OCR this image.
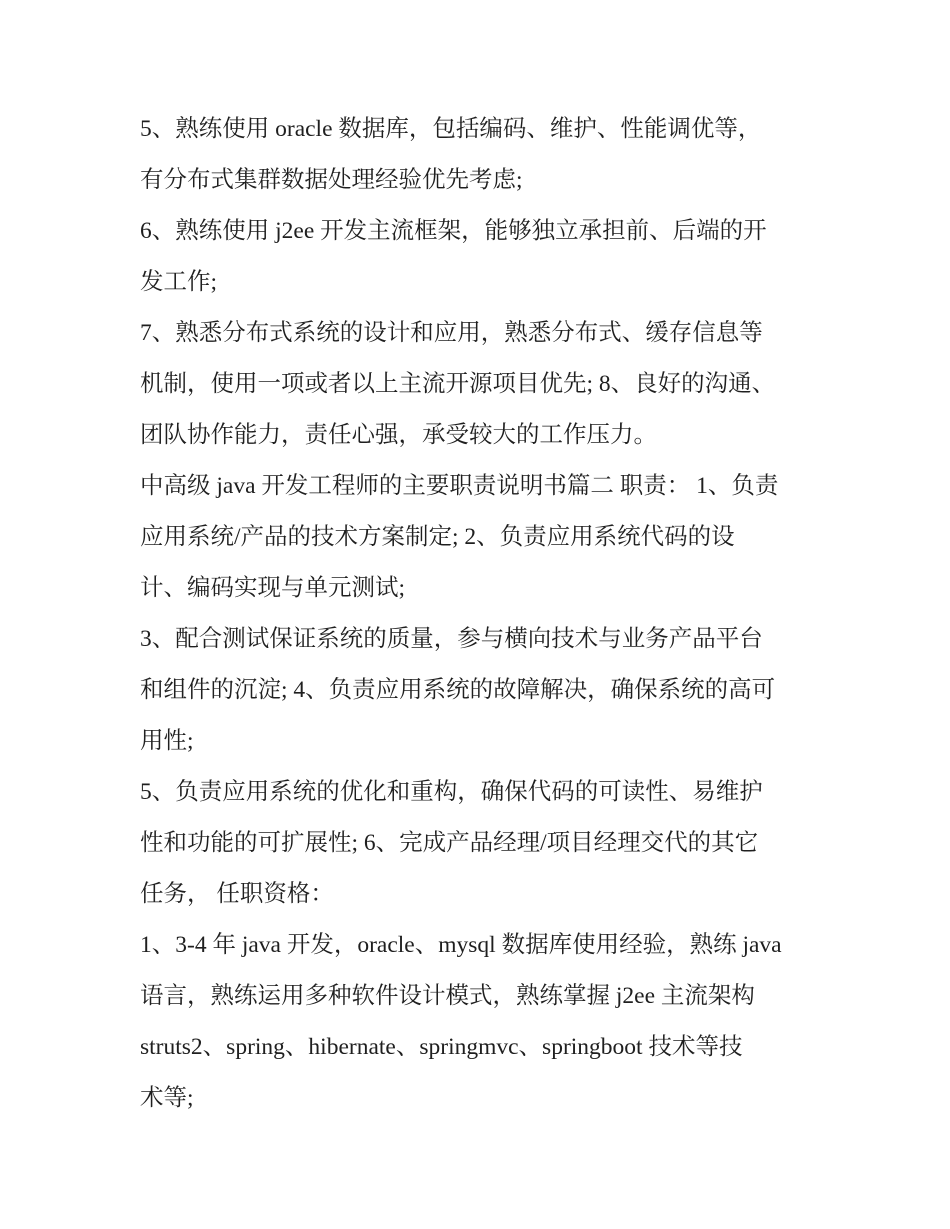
5、熟练使用 oracle 数据库，包括编码、维护、性能调优等，
有分布式集群数据处理经验优先考虑;

6、熟练使用 j2ee 开发主流框架，能够独立承担前、后端的开
发工作;

7、熟悉分布式系统的设计和应用，熟悉分布式、缓存信息等
机制，使用一项或者以上主流开源项目优先; 8、良好的沟通、
团队协作能力，责任心强，承受较大的工作压力。

中高级 java 开发工程师的主要职责说明书篇二 职责： 1、负责
应用系统/产品的技术方案制定; 2、负责应用系统代码的设
计、编码实现与单元测试;

3、配合测试保证系统的质量，参与横向技术与业务产品平台
和组件的沉淀; 4、负责应用系统的故障解决，确保系统的高可
用性;

5、负责应用系统的优化和重构，确保代码的可读性、易维护
性和功能的可扩展性; 6、完成产品经理/项目经理交代的其它
任务， 任职资格：

1、3-4 年 java 开发，oracle、mysql 数据库使用经验，熟练 java
语言，熟练运用多种软件设计模式，熟练掌握 j2ee 主流架构
struts2、spring、hibernate、springmvc、springboot 技术等技
术等;
